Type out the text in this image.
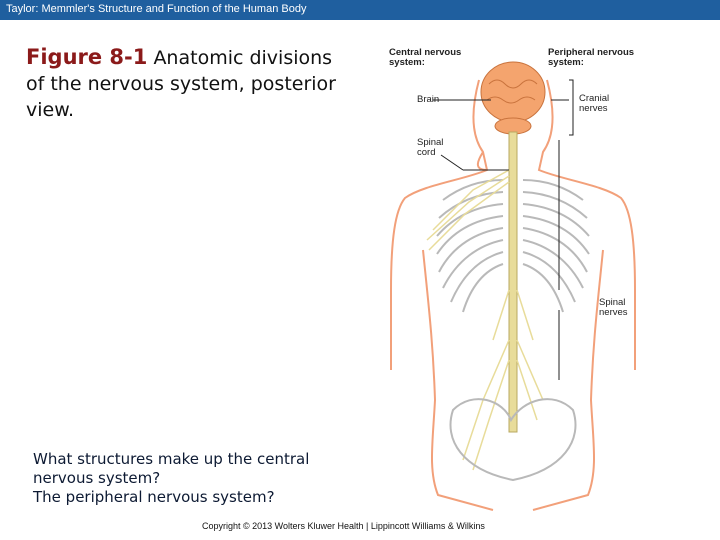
Taylor: Memmler's Structure and Function of the Human Body
Figure 8-1 Anatomic divisions
of the nervous system, posterior
view.
Central nervous
system:
Peripheral nervous
system:
Brain
Spinal
cord
Cranial
nerves
Spinal
nerves
What structures make up the central
nervous system?
The peripheral nervous system?
Copyright © 2013 Wolters Kluwer Health | Lippincott Williams & Wilkins
